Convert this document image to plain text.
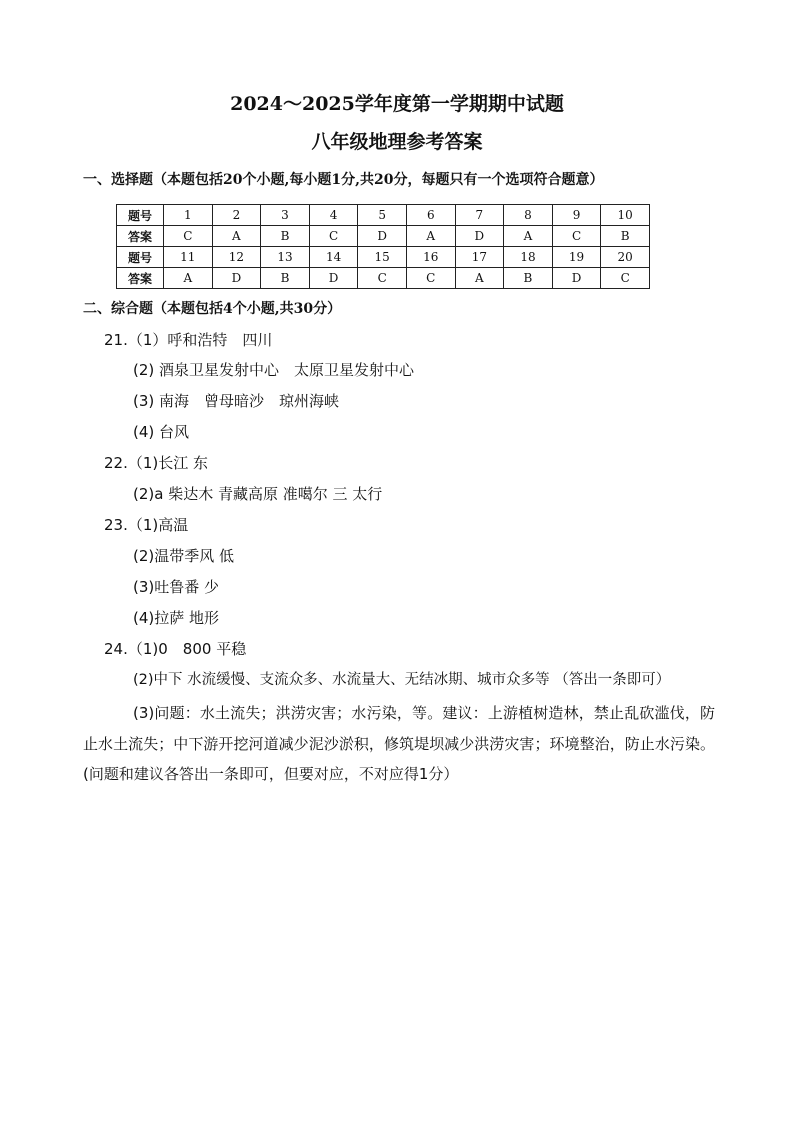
2024～2025学年度第一学期期中试题
八年级地理参考答案
一、选择题（本题包括20个小题,每小题1分,共20分，每题只有一个选项符合题意）
题号	1	2	3	4	5	6	7	8	9	10
答案	C	A	B	C	D	A	D	A	C	B
题号	11	12	13	14	15	16	17	18	19	20
答案	A	D	B	D	C	C	A	B	D	C
二、综合题（本题包括4个小题,共30分）
21.（1）呼和浩特　四川
(2) 酒泉卫星发射中心　太原卫星发射中心
(3) 南海　曾母暗沙　琼州海峡
(4) 台风
22.（1)长江 东
(2)a 柴达木 青藏高原 准噶尔 三 太行
23.（1)高温
(2)温带季风 低
(3)吐鲁番 少
(4)拉萨 地形
24.（1)0　800 平稳
(2)中下 水流缓慢、支流众多、水流量大、无结冰期、城市众多等 （答出一条即可）
(3)问题：水土流失；洪涝灾害；水污染，等。建议：上游植树造林，禁止乱砍滥伐，防止水土流失；中下游开挖河道减少泥沙淤积，修筑堤坝减少洪涝灾害；环境整治，防止水污染。(问题和建议各答出一条即可，但要对应，不对应得1分）
